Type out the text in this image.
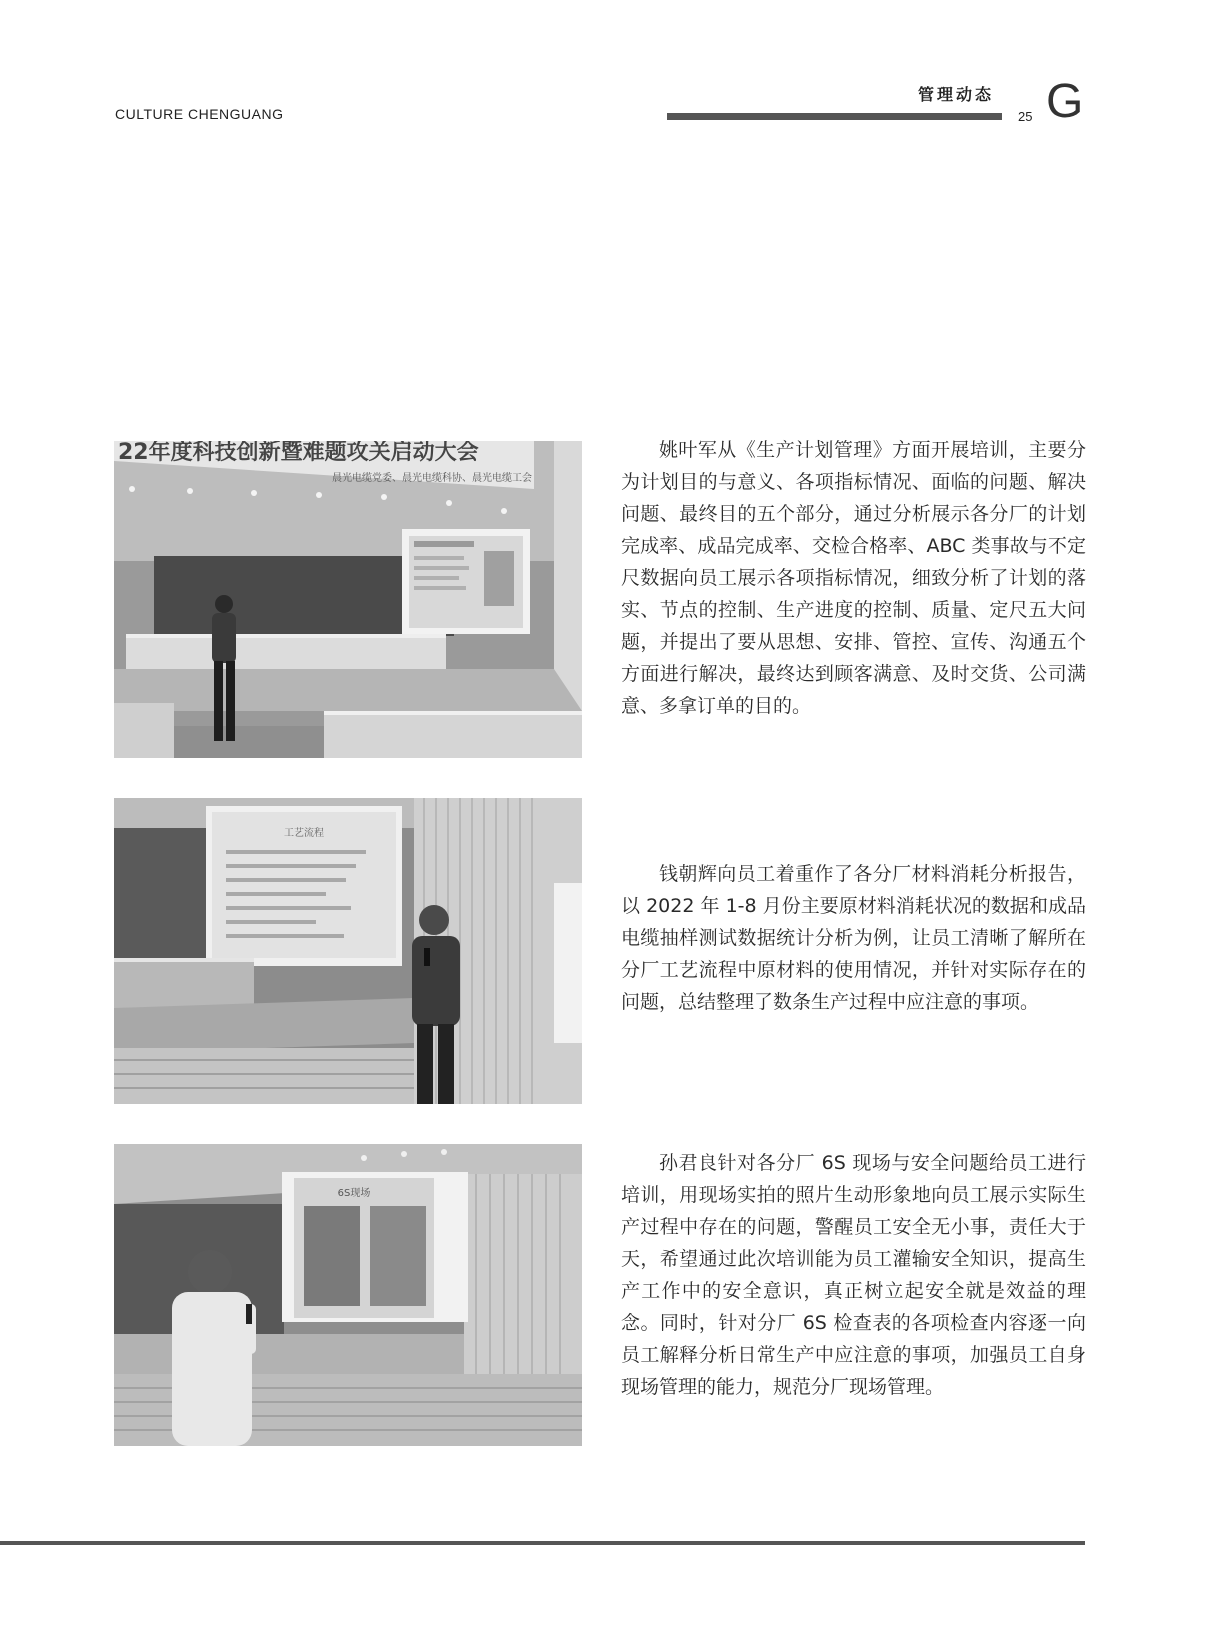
CULTURE CHENGUANG
管理动态
25 G
22年度科技创新暨难题攻关启动大会
晨光电缆党委、晨光电缆科协、晨光电缆工会
工艺流程
6S现场

姚叶军从《生产计划管理》方面开展培训，主要分为计划目的与意义、各项指标情况、面临的问题、解决问题、最终目的五个部分，通过分析展示各分厂的计划完成率、成品完成率、交检合格率、ABC 类事故与不定尺数据向员工展示各项指标情况，细致分析了计划的落实、节点的控制、生产进度的控制、质量、定尺五大问题，并提出了要从思想、安排、管控、宣传、沟通五个方面进行解决，最终达到顾客满意、及时交货、公司满意、多拿订单的目的。

钱朝辉向员工着重作了各分厂材料消耗分析报告，以 2022 年 1-8 月份主要原材料消耗状况的数据和成品电缆抽样测试数据统计分析为例，让员工清晰了解所在分厂工艺流程中原材料的使用情况，并针对实际存在的问题，总结整理了数条生产过程中应注意的事项。

孙君良针对各分厂 6S 现场与安全问题给员工进行培训，用现场实拍的照片生动形象地向员工展示实际生产过程中存在的问题，警醒员工安全无小事，责任大于天，希望通过此次培训能为员工灌输安全知识，提高生产工作中的安全意识，真正树立起安全就是效益的理念。同时，针对分厂 6S 检查表的各项检查内容逐一向员工解释分析日常生产中应注意的事项，加强员工自身现场管理的能力，规范分厂现场管理。
